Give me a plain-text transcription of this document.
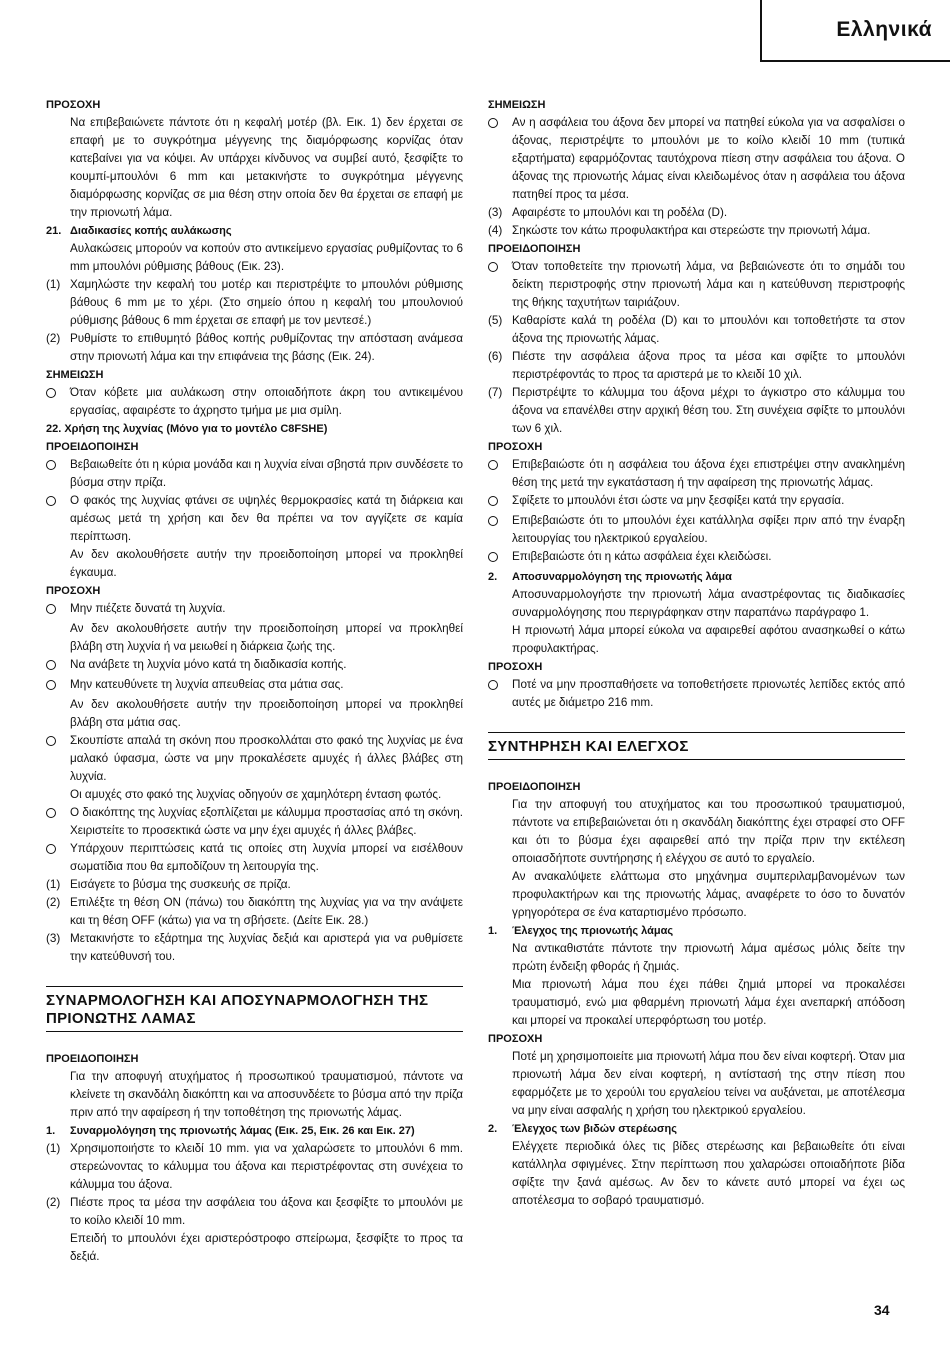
Ελληνικά
ΠΡΟΣΟΧΗ
Να επιβεβαιώνετε πάντοτε ότι η κεφαλή μοτέρ (βλ. Εικ. 1) δεν έρχεται σε επαφή με το συγκρότημα μέγγενης της διαμόρφωσης κορνίζας όταν κατεβαίνει για να κόψει. Αν υπάρχει κίνδυνος να συμβεί αυτό, ξεσφίξτε το κουμπί-μπουλόνι 6 mm και μετακινήστε το συγκρότημα μέγγενης διαμόρφωσης κορνίζας σε μια θέση στην οποία δεν θα έρχεται σε επαφή με την πριονωτή λάμα.
21. Διαδικασίες κοπής αυλάκωσης
Αυλακώσεις μπορούν να κοπούν στο αντικείμενο εργασίας ρυθμίζοντας το 6 mm μπουλόνι ρύθμισης βάθους (Εικ. 23).
(1) Χαμηλώστε την κεφαλή του μοτέρ και περιστρέψτε το μπουλόνι ρύθμισης βάθους 6 mm με το χέρι. (Στο σημείο όπου η κεφαλή του μπουλονιού ρύθμισης βάθους 6 mm έρχεται σε επαφή με τον μεντεσέ.)
(2) Ρυθμίστε το επιθυμητό βάθος κοπής ρυθμίζοντας την απόσταση ανάμεσα στην πριονωτή λάμα και την επιφάνεια της βάσης (Εικ. 24).
ΣΗΜΕΙΩΣΗ
Όταν κόβετε μια αυλάκωση στην οποιαδήποτε άκρη του αντικειμένου εργασίας, αφαιρέστε το άχρηστο τμήμα με μια σμίλη.
22. Χρήση της λυχνίας (Μόνο για το μοντέλο C8FSHE)
ΠΡΟΕΙΔΟΠΟΙΗΣΗ
Βεβαιωθείτε ότι η κύρια μονάδα και η λυχνία είναι σβηστά πριν συνδέσετε το βύσμα στην πρίζα.
Ο φακός της λυχνίας φτάνει σε υψηλές θερμοκρασίες κατά τη διάρκεια και αμέσως μετά τη χρήση και δεν θα πρέπει να τον αγγίζετε σε καμία περίπτωση.
Αν δεν ακολουθήσετε αυτήν την προειδοποίηση μπορεί να προκληθεί έγκαυμα.
ΠΡΟΣΟΧΗ
Μην πιέζετε δυνατά τη λυχνία.
Αν δεν ακολουθήσετε αυτήν την προειδοποίηση μπορεί να προκληθεί βλάβη στη λυχνία ή να μειωθεί η διάρκεια ζωής της.
Να ανάβετε τη λυχνία μόνο κατά τη διαδικασία κοπής.
Μην κατευθύνετε τη λυχνία απευθείας στα μάτια σας.
Αν δεν ακολουθήσετε αυτήν την προειδοποίηση μπορεί να προκληθεί βλάβη στα μάτια σας.
Σκουπίστε απαλά τη σκόνη που προσκολλάται στο φακό της λυχνίας με ένα μαλακό ύφασμα, ώστε να μην προκαλέσετε αμυχές ή άλλες βλάβες στη λυχνία.
Οι αμυχές στο φακό της λυχνίας οδηγούν σε χαμηλότερη ένταση φωτός.
Ο διακόπτης της λυχνίας εξοπλίζεται με κάλυμμα προστασίας από τη σκόνη. Χειριστείτε το προσεκτικά ώστε να μην έχει αμυχές ή άλλες βλάβες.
Υπάρχουν περιπτώσεις κατά τις οποίες στη λυχνία μπορεί να εισέλθουν σωματίδια που θα εμποδίζουν τη λειτουργία της.
(1) Εισάγετε το βύσμα της συσκευής σε πρίζα.
(2) Επιλέξτε τη θέση ON (πάνω) του διακόπτη της λυχνίας για να την ανάψετε και τη θέση OFF (κάτω) για να τη σβήσετε. (Δείτε Εικ. 28.)
(3) Μετακινήστε το εξάρτημα της λυχνίας δεξιά και αριστερά για να ρυθμίσετε την κατεύθυνσή του.
ΣΥΝΑΡΜΟΛΟΓΗΣΗ ΚΑΙ ΑΠΟΣΥΝΑΡΜΟΛΟΓΗΣΗ ΤΗΣ ΠΡΙΟΝΩΤΗΣ ΛΑΜΑΣ
ΠΡΟΕΙΔΟΠΟΙΗΣΗ
Για την αποφυγή ατυχήματος ή προσωπικού τραυματισμού, πάντοτε να κλείνετε τη σκανδάλη διακόπτη και να αποσυνδέετε το βύσμα από την πρίζα πριν από την αφαίρεση ή την τοποθέτηση της πριονωτής λάμας.
1.	Συναρμολόγηση της πριονωτής λάμας (Εικ. 25, Εικ. 26 και Εικ. 27)
(1) Χρησιμοποιήστε το κλειδί 10 mm. για να χαλαρώσετε το μπουλόνι 6 mm. στερεώνοντας το κάλυμμα του άξονα και περιστρέφοντας στη συνέχεια το κάλυμμα του άξονα.
(2) Πιέστε προς τα μέσα την ασφάλεια του άξονα και ξεσφίξτε το μπουλόνι με το κοίλο κλειδί 10 mm.
Επειδή το μπουλόνι έχει αριστερόστροφο σπείρωμα, ξεσφίξτε το προς τα δεξιά.
ΣΗΜΕΙΩΣΗ
Αν η ασφάλεια του άξονα δεν μπορεί να πατηθεί εύκολα για να ασφαλίσει ο άξονας, περιστρέψτε το μπουλόνι με το κοίλο κλειδί 10 mm (τυπικά εξαρτήματα) εφαρμόζοντας ταυτόχρονα πίεση στην ασφάλεια του άξονα. Ο άξονας της πριονωτής λάμας είναι κλειδωμένος όταν η ασφάλεια του άξονα πατηθεί προς τα μέσα.
(3) Αφαιρέστε το μπουλόνι και τη ροδέλα (D).
(4) Σηκώστε τον κάτω προφυλακτήρα και στερεώστε την πριονωτή λάμα.
ΠΡΟΕΙΔΟΠΟΙΗΣΗ
Όταν τοποθετείτε την πριονωτή λάμα, να βεβαιώνεστε ότι το σημάδι του δείκτη περιστροφής στην πριονωτή λάμα και η κατεύθυνση περιστροφής της θήκης ταχυτήτων ταιριάζουν.
(5) Καθαρίστε καλά τη ροδέλα (D) και το μπουλόνι και τοποθετήστε τα στον άξονα της πριονωτής λάμας.
(6) Πιέστε την ασφάλεια άξονα προς τα μέσα και σφίξτε το μπουλόνι περιστρέφοντάς το προς τα αριστερά με το κλειδί 10 χιλ.
(7) Περιστρέψτε το κάλυμμα του άξονα μέχρι το άγκιστρο στο κάλυμμα του άξονα να επανέλθει στην αρχική θέση του. Στη συνέχεια σφίξτε το μπουλόνι των 6 χιλ.
ΠΡΟΣΟΧΗ
Επιβεβαιώστε ότι η ασφάλεια του άξονα έχει επιστρέψει στην ανακλημένη θέση της μετά την εγκατάσταση ή την αφαίρεση της πριονωτής λάμας.
Σφίξετε το μπουλόνι έτσι ώστε να μην ξεσφίξει κατά την εργασία.
Επιβεβαιώστε ότι το μπουλόνι έχει κατάλληλα σφίξει πριν από την έναρξη λειτουργίας του ηλεκτρικού εργαλείου.
Επιβεβαιώστε ότι η κάτω ασφάλεια έχει κλειδώσει.
2.	Αποσυναρμολόγηση της πριονωτής λάμα
Αποσυναρμολογήστε την πριονωτή λάμα αναστρέφοντας τις διαδικασίες συναρμολόγησης που περιγράφηκαν στην παραπάνω παράγραφο 1.
Η πριονωτή λάμα μπορεί εύκολα να αφαιρεθεί αφότου ανασηκωθεί ο κάτω προφυλακτήρας.
ΠΡΟΣΟΧΗ
Ποτέ να μην προσπαθήσετε να τοποθετήσετε πριονωτές λεπίδες εκτός από αυτές με διάμετρο 216 mm.
ΣΥΝΤΗΡΗΣΗ ΚΑΙ ΕΛΕΓΧΟΣ
ΠΡΟΕΙΔΟΠΟΙΗΣΗ
Για την αποφυγή του ατυχήματος και του προσωπικού τραυματισμού, πάντοτε να επιβεβαιώνεται ότι η σκανδάλη διακόπτης έχει στραφεί στο OFF και ότι το βύσμα έχει αφαιρεθεί από την πρίζα πριν την εκτέλεση οποιασδήποτε συντήρησης ή ελέγχου σε αυτό το εργαλείο.
Αν ανακαλύψετε ελάττωμα στο μηχάνημα συμπεριλαμβανομένων των προφυλακτήρων και της πριονωτής λάμας, αναφέρετε το όσο το δυνατόν γρηγορότερα σε ένα καταρτισμένο πρόσωπο.
1.	Έλεγχος της πριονωτής λάμας
Να αντικαθιστάτε πάντοτε την πριονωτή λάμα αμέσως μόλις δείτε την πρώτη ένδειξη φθοράς ή ζημιάς.
Μια πριονωτή λάμα που έχει πάθει ζημιά μπορεί να προκαλέσει τραυματισμό, ενώ μια φθαρμένη πριονωτή λάμα έχει ανεπαρκή απόδοση και μπορεί να προκαλεί υπερφόρτωση του μοτέρ.
ΠΡΟΣΟΧΗ
Ποτέ μη χρησιμοποιείτε μια πριονωτή λάμα που δεν είναι κοφτερή. Όταν μια πριονωτή λάμα δεν είναι κοφτερή, η αντίστασή της στην πίεση που εφαρμόζετε με το χερούλι του εργαλείου τείνει να αυξάνεται, με αποτέλεσμα να μην είναι ασφαλής η χρήση του ηλεκτρικού εργαλείου.
2.	Έλεγχος των βιδών στερέωσης
Ελέγχετε περιοδικά όλες τις βίδες στερέωσης και βεβαιωθείτε ότι είναι κατάλληλα σφιγμένες. Στην περίπτωση που χαλαρώσει οποιαδήποτε βίδα σφίξτε την ξανά αμέσως. Αν δεν το κάνετε αυτό μπορεί να έχει ως αποτέλεσμα το σοβαρό τραυματισμό.
34
